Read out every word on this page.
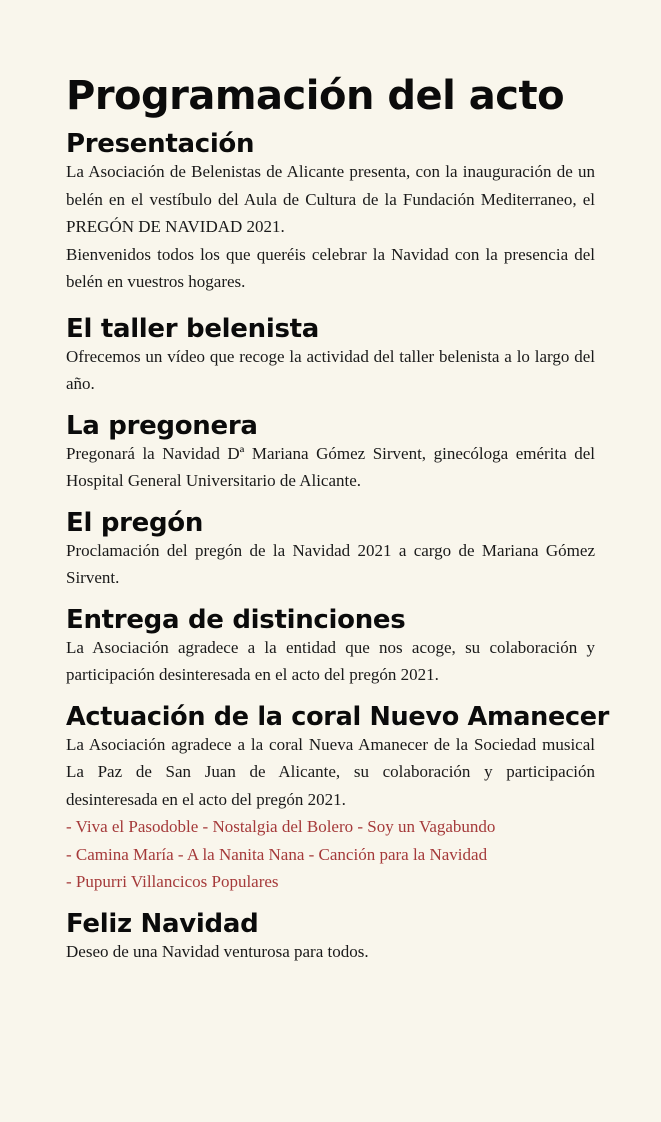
Programación del acto
Presentación

La Asociación de Belenistas de Alicante presenta, con la inauguración de un belén en el vestíbulo del Aula de Cultura de la Fundación Mediterraneo, el PREGÓN DE NAVIDAD 2021.

Bienvenidos todos los que queréis celebrar la Navidad con la presencia del belén en vuestros hogares.

El taller belenista

Ofrecemos un vídeo que recoge la actividad del taller belenista a lo largo del año.

La pregonera

Pregonará la Navidad Dª Mariana Gómez Sirvent, ginecóloga emérita del Hospital General Universitario de Alicante.

El pregón

Proclamación del pregón de la Navidad 2021 a cargo de Mariana Gómez Sirvent.

Entrega de distinciones

La Asociación agradece a la entidad que nos acoge, su colaboración y participación desinteresada en el acto del pregón 2021.

Actuación de la coral Nuevo Amanecer

La Asociación agradece a la coral Nueva Amanecer de la Sociedad musical La Paz de San Juan de Alicante, su colaboración y participación desinteresada en el acto del pregón 2021.

- Viva el Pasodoble - Nostalgia del Bolero - Soy un Vagabundo

- Camina María - A la Nanita Nana - Canción para la Navidad

- Pupurri Villancicos Populares

Feliz Navidad

Deseo de una Navidad venturosa para todos.
